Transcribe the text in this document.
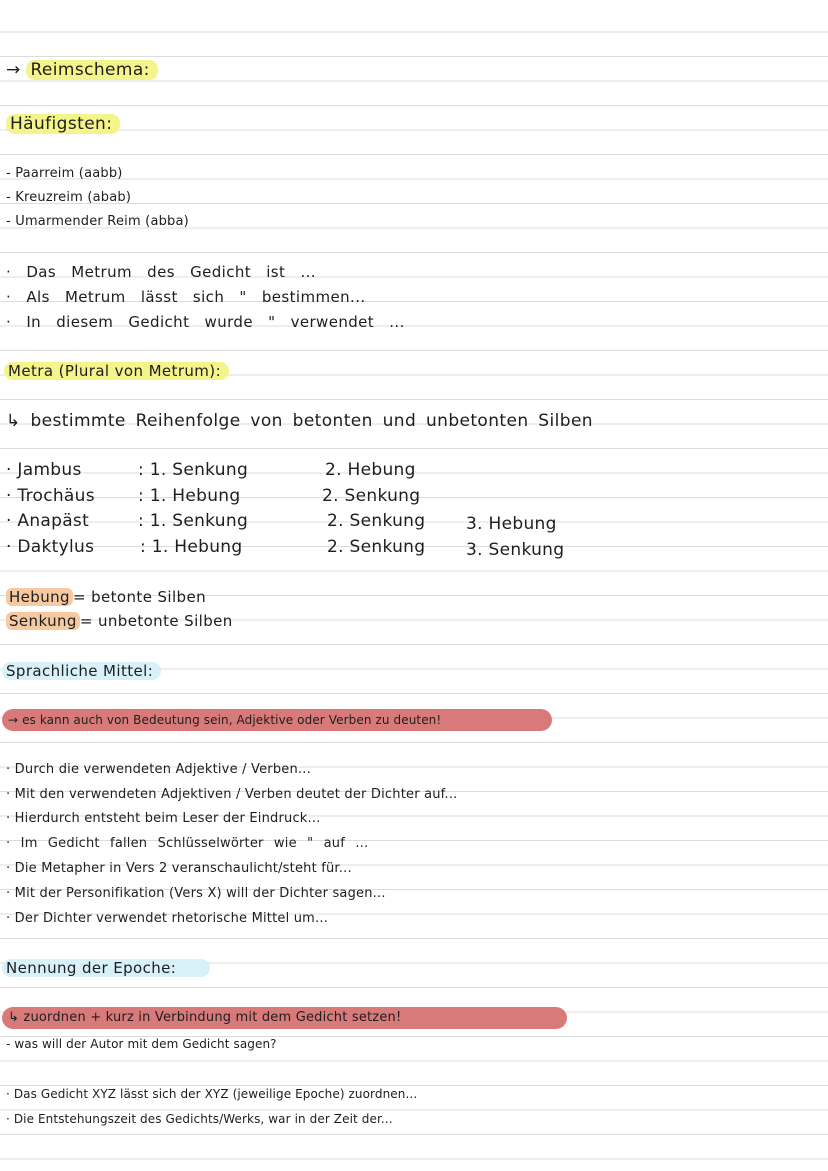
→ Reimschema:
Häufigsten:
- Paarreim (aabb)
- Kreuzreim (abab)
- Umarmender Reim (abba)
· Das Metrum des Gedicht ist ...
· Als Metrum lässt sich " bestimmen...
· In diesem Gedicht wurde " verwendet ...
Metra (Plural von Metrum):
↳ bestimmte Reihenfolge von betonten und unbetonten Silben
· Jambus	: 1. Senkung	2. Hebung
· Trochäus	: 1. Hebung	2. Senkung
· Anapäst	: 1. Senkung	2. Senkung 3. Hebung
· Daktylus	: 1. Hebung	2. Senkung 3. Senkung
Hebung = betonte Silben
Senkung = unbetonte Silben
Sprachliche Mittel:
→ es kann auch von Bedeutung sein, Adjektive oder Verben zu deuten!
· Durch die verwendeten Adjektive / Verben...
· Mit den verwendeten Adjektiven / Verben deutet der Dichter auf...
· Hierdurch entsteht beim Leser der Eindruck...
· Im Gedicht fallen Schlüsselwörter wie " auf ...
· Die Metapher in Vers 2 veranschaulicht/steht für...
· Mit der Personifikation (Vers X) will der Dichter sagen...
· Der Dichter verwendet rhetorische Mittel um...
Nennung der Epoche:
↳ zuordnen + kurz in Verbindung mit dem Gedicht setzen!
- was will der Autor mit dem Gedicht sagen?
· Das Gedicht XYZ lässt sich der XYZ (jeweilige Epoche) zuordnen...
· Die Entstehungszeit des Gedichts/Werks, war in der Zeit der...
